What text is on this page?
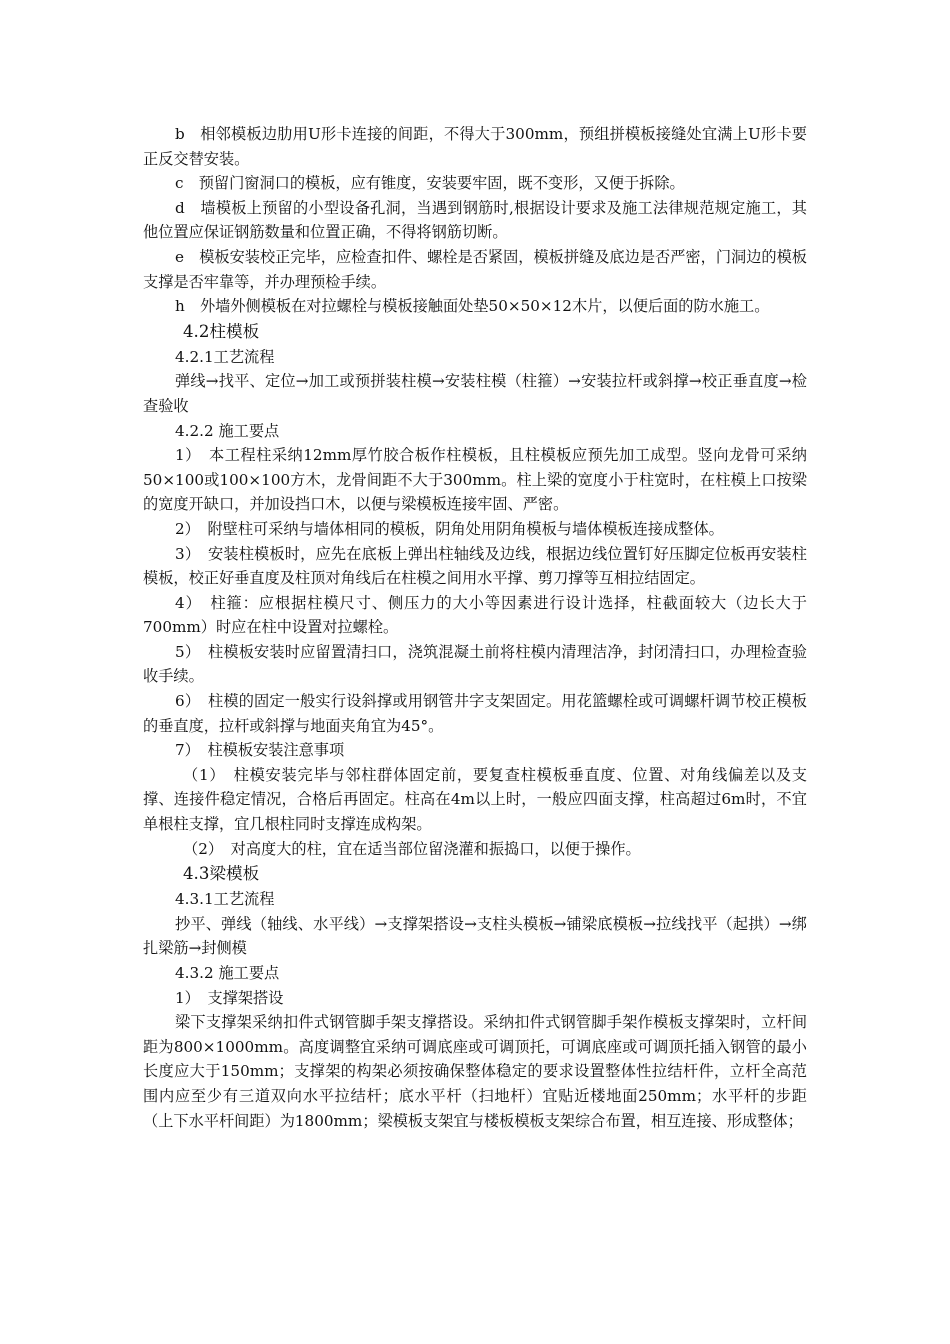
b　相邻模板边肋用U形卡连接的间距，不得大于300mm，预组拼模板接缝处宜满上U形卡要正反交替安装。

c　预留门窗洞口的模板，应有锥度，安装要牢固，既不变形，又便于拆除。

d　墙模板上预留的小型设备孔洞，当遇到钢筋时,根据设计要求及施工法律规范规定施工，其他位置应保证钢筋数量和位置正确，不得将钢筋切断。

e　模板安装校正完毕，应检查扣件、螺栓是否紧固，模板拼缝及底边是否严密，门洞边的模板支撑是否牢靠等，并办理预检手续。

h　外墙外侧模板在对拉螺栓与模板接触面处垫50×50×12木片，以便后面的防水施工。

4.2柱模板

4.2.1工艺流程

弹线→找平、定位→加工或预拼装柱模→安装柱模（柱箍）→安装拉杆或斜撑→校正垂直度→检查验收

4.2.2 施工要点

1）　本工程柱采纳12mm厚竹胶合板作柱模板，且柱模板应预先加工成型。竖向龙骨可采纳50×100或100×100方木，龙骨间距不大于300mm。柱上梁的宽度小于柱宽时，在柱模上口按梁的宽度开缺口，并加设挡口木，以便与梁模板连接牢固、严密。

2）　附壁柱可采纳与墙体相同的模板，阴角处用阴角模板与墙体模板连接成整体。

3）　安装柱模板时，应先在底板上弹出柱轴线及边线，根据边线位置钉好压脚定位板再安装柱模板，校正好垂直度及柱顶对角线后在柱模之间用水平撑、剪刀撑等互相拉结固定。

4）　柱箍：应根据柱模尺寸、侧压力的大小等因素进行设计选择，柱截面较大（边长大于700mm）时应在柱中设置对拉螺栓。

5）　柱模板安装时应留置清扫口，浇筑混凝土前将柱模内清理洁净，封闭清扫口，办理检查验收手续。

6）　柱模的固定一般实行设斜撑或用钢管井字支架固定。用花篮螺栓或可调螺杆调节校正模板的垂直度，拉杆或斜撑与地面夹角宜为45°。

7）　柱模板安装注意事项

（1）　柱模安装完毕与邻柱群体固定前，要复查柱模板垂直度、位置、对角线偏差以及支撑、连接件稳定情况，合格后再固定。柱高在4m以上时，一般应四面支撑，柱高超过6m时，不宜单根柱支撑，宜几根柱同时支撑连成构架。

（2）　对高度大的柱，宜在适当部位留浇灌和振捣口，以便于操作。

4.3梁模板

4.3.1工艺流程

抄平、弹线（轴线、水平线）→支撑架搭设→支柱头模板→铺梁底模板→拉线找平（起拱）→绑扎梁筋→封侧模

4.3.2 施工要点

1）　支撑架搭设

梁下支撑架采纳扣件式钢管脚手架支撑搭设。采纳扣件式钢管脚手架作模板支撑架时，立杆间距为800×1000mm。高度调整宜采纳可调底座或可调顶托，可调底座或可调顶托插入钢管的最小长度应大于150mm；支撑架的构架必须按确保整体稳定的要求设置整体性拉结杆件，立杆全高范围内应至少有三道双向水平拉结杆；底水平杆（扫地杆）宜贴近楼地面250mm；水平杆的步距（上下水平杆间距）为1800mm；梁模板支架宜与楼板模板支架综合布置，相互连接、形成整体；
